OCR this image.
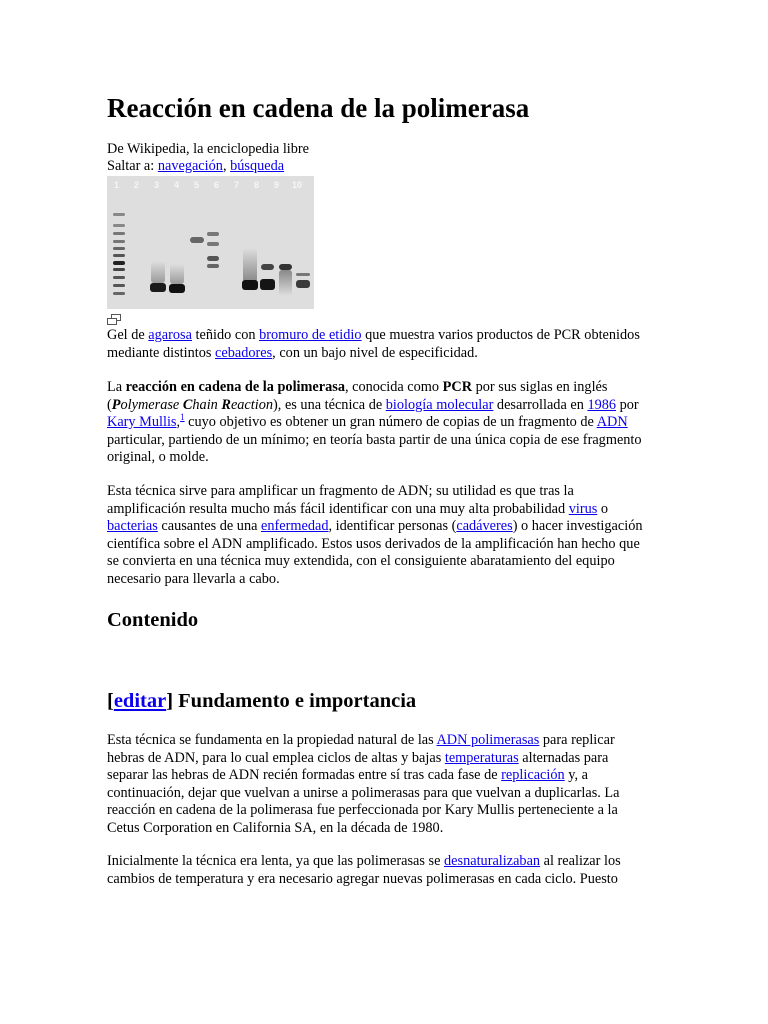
Reacción en cadena de la polimerasa
De Wikipedia, la enciclopedia libre
Saltar a: navegación, búsqueda
1 2 3 4 5 6 7 8 9 10
Gel de agarosa teñido con bromuro de etidio que muestra varios productos de PCR obtenidos mediante distintos cebadores, con un bajo nivel de especificidad.

La reacción en cadena de la polimerasa, conocida como PCR por sus siglas en inglés (Polymerase Chain Reaction), es una técnica de biología molecular desarrollada en 1986 por Kary Mullis,$^1$ cuyo objetivo es obtener un gran número de copias de un fragmento de ADN particular, partiendo de un mínimo; en teoría basta partir de una única copia de ese fragmento original, o molde.

Esta técnica sirve para amplificar un fragmento de ADN; su utilidad es que tras la amplificación resulta mucho más fácil identificar con una muy alta probabilidad virus o bacterias causantes de una enfermedad, identificar personas (cadáveres) o hacer investigación científica sobre el ADN amplificado. Estos usos derivados de la amplificación han hecho que se convierta en una técnica muy extendida, con el consiguiente abaratamiento del equipo necesario para llevarla a cabo.

Contenido
[editar] Fundamento e importancia

Esta técnica se fundamenta en la propiedad natural de las ADN polimerasas para replicar hebras de ADN, para lo cual emplea ciclos de altas y bajas temperaturas alternadas para separar las hebras de ADN recién formadas entre sí tras cada fase de replicación y, a continuación, dejar que vuelvan a unirse a polimerasas para que vuelvan a duplicarlas. La reacción en cadena de la polimerasa fue perfeccionada por Kary Mullis perteneciente a la Cetus Corporation en California SA, en la década de 1980.

Inicialmente la técnica era lenta, ya que las polimerasas se desnaturalizaban al realizar los cambios de temperatura y era necesario agregar nuevas polimerasas en cada ciclo. Puesto
